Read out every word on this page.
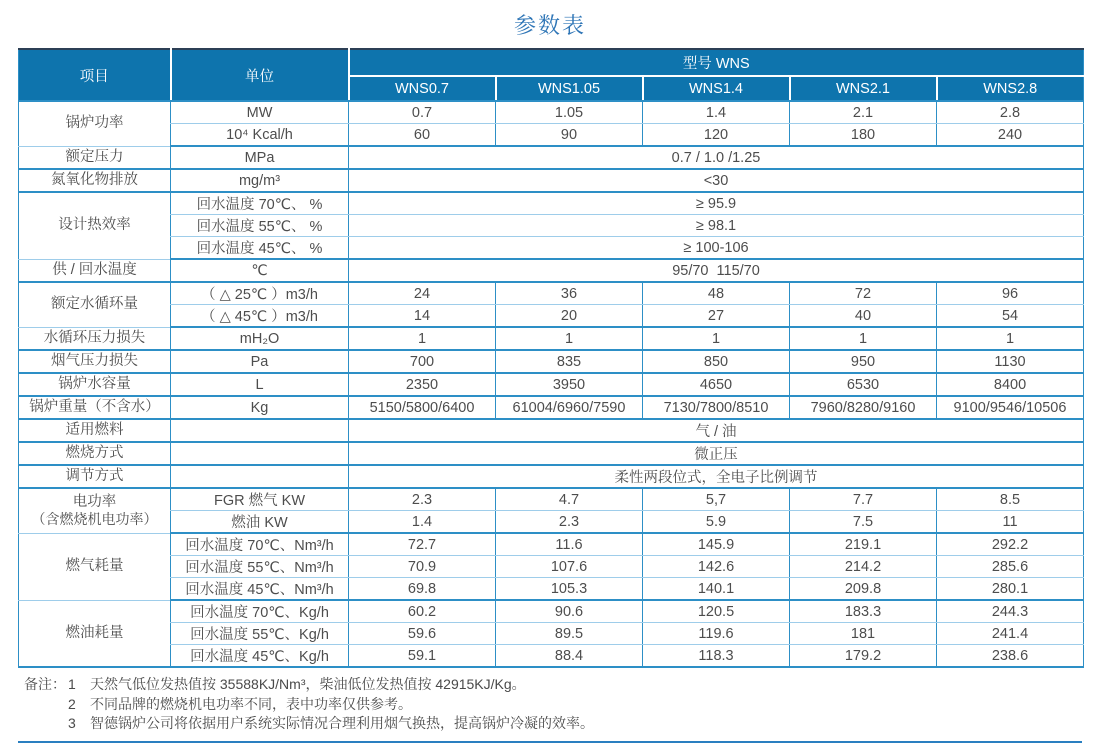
参数表
项目	单位	型号 WNS				
		WNS0.7	WNS1.05	WNS1.4	WNS2.1	WNS2.8

锅炉功率	MW	0.7	1.05	1.4	2.1	2.8
	10⁴ Kcal/h	60	90	120	180	240

额定压力	MPa	0.7 / 1.0 /1.25				

氮氧化物排放	mg/m³	<30				

设计热效率	回水温度 70℃、 %	≥ 95.9				
	回水温度 55℃、 %	≥ 98.1				
	回水温度 45℃、 %	≥ 100-106				

供 / 回水温度	℃	95/70  115/70				

额定水循环量	（ △ 25℃ ）m3/h	24	36	48	72	96
	（ △ 45℃ ）m3/h	14	20	27	40	54

水循环压力损失	mH₂O	1	1	1	1	1

烟气压力损失	Pa	700	835	850	950	1130

锅炉水容量	L	2350	3950	4650	6530	8400

锅炉重量（不含水）	Kg	5150/5800/6400	61004/6960/7590	7130/7800/8510	7960/8280/9160	9100/9546/10506

适用燃料		气 / 油				

燃烧方式		微正压				

调节方式		柔性两段位式，全电子比例调节				

电功率
（含燃烧机电功率）	FGR 燃气 KW	2.3	4.7	5,7	7.7	8.5
	燃油 KW	1.4	2.3	5.9	7.5	11

燃气耗量	回水温度 70℃、Nm³/h	72.7	11.6	145.9	219.1	292.2
	回水温度 55℃、Nm³/h	70.9	107.6	142.6	214.2	285.6
	回水温度 45℃、Nm³/h	69.8	105.3	140.1	209.8	280.1

燃油耗量	回水温度 70℃、Kg/h	60.2	90.6	120.5	183.3	244.3
	回水温度 55℃、Kg/h	59.6	89.5	119.6	181	241.4
	回水温度 45℃、Kg/h	59.1	88.4	118.3	179.2	238.6
备注： 1	天然气低位发热值按 35588KJ/Nm³，柴油低位发热值按 42915KJ/Kg。
2	不同品牌的燃烧机电功率不同，表中功率仅供参考。
3	智德锅炉公司将依据用户系统实际情况合理利用烟气换热，提高锅炉冷凝的效率。
